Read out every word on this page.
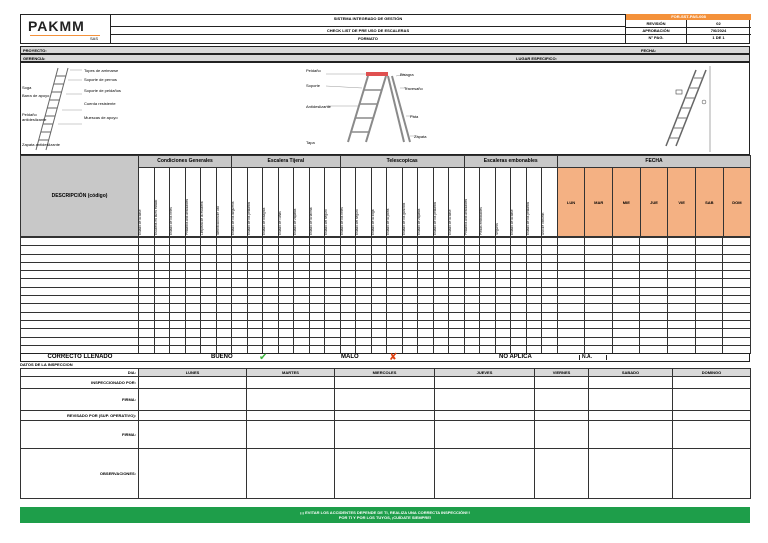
PAKMM
SAS
SISTEMA INTEGRADO DE GESTIÓN
CHECK LIST DE PRE USO DE ESCALERAS
FORMATO
FOR-SST-PAS-008
REVISIÓN	02
APROBACIÓN	7/6/2024
N° PAG.	1 DE 1
PROYECTO:	FECHA:
GERENCIA:	LUGAR ESPECIFICO:
Topes de arrimarse
Soporte de pernos
Soga
Soporte de peldaños
Barra de apoyo
Cuerda resistente
Peldaño antideslizante	Muescas de apoyo
Zapata antideslizante
Peldaño
Soporte
Antideslizante
Bisagra
Travesaño
Pata
Zapata
Tapa
DESCRIPCIÓN (código)	Condiciones Generales						Escalera Tijeral							Telescopicas								Escaleras embonables						FECHA						

	Estado de la base	Escalera en buen estado	Estado de los rieles	Peldaños anti deslizantes	Limpieza de la escalera	Identificación de uso	Estado de los largueros	Estado de los peldaños	Estado de bisagras	Estado de cuñas	Estado de zapatas	Estado de la tarima	Estado del seguro	Estado de los rieles	Estado del seguro	Estado de la soga	Estado de la polea	Estado de los ganchos	Estado de zapatas	Estado de los peldaños	Estado de la base	Peldaños anti deslizantes	Piezas embonables	Seguros	Estado de la base	Estado de los peldaños	Uso de cinturón	LUN	MAR	MIE	JUE	VIE	SAB	DOM

CORRECTO LLENADO	BUENO	✔	MALO	✘	NO APLICA	N.A.
DATOS DE LA INSPECCION
DIA:	LUNES	MARTES	MIERCOLES	JUEVES	VIERNES	SABADO	DOMINGO
INSPECCIONADO POR:							
FIRMA:							
REVISADO POR (SUP. OPERATIVO):							
FIRMA:							
OBSERVACIONES:							
¡¡¡ EVITAR LOS ACCIDENTES DEPENDE DE TI, REALIZA UNA CORRECTA INSPECCIÓN!!!
POR TI Y POR LOS TUYOS, ¡CUÍDATE SIEMPRE!
